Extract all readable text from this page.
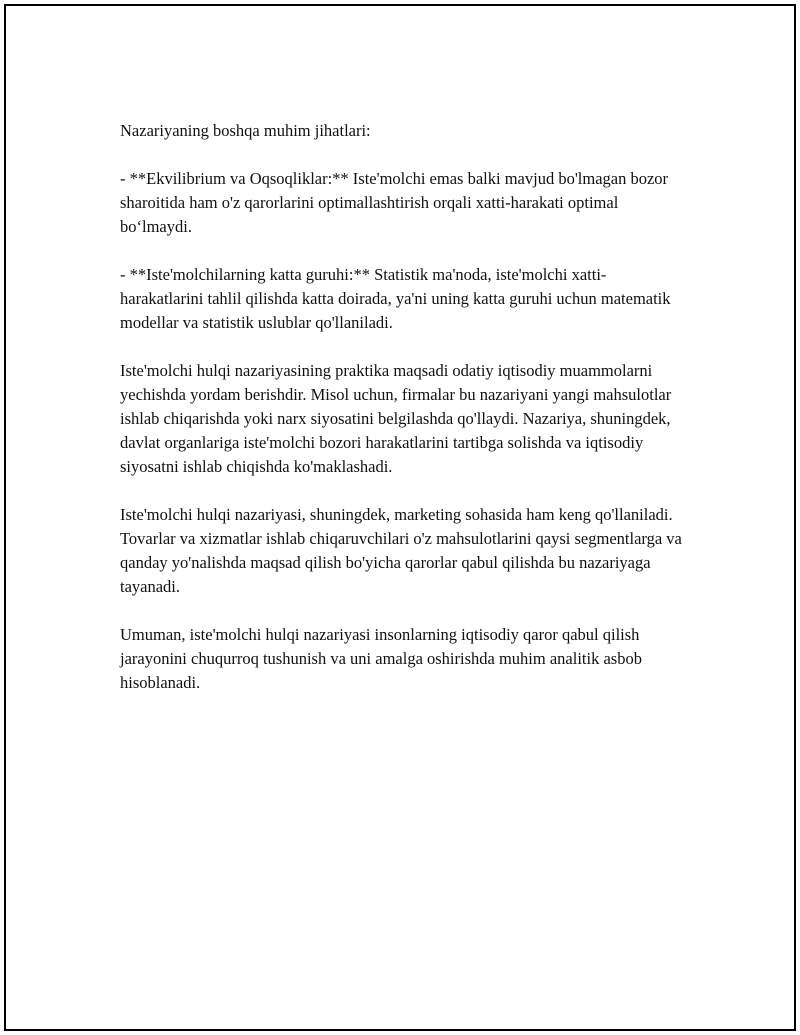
Nazariyaning boshqa muhim jihatlari:

- **Ekvilibrium va Oqsoqliklar:** Iste'molchi emas balki mavjud bo'lmagan bozor sharoitida ham o'z qarorlarini optimallashtirish orqali xatti-harakati optimal bo‘lmaydi.

- **Iste'molchilarning katta guruhi:** Statistik ma'noda, iste'molchi xatti-harakatlarini tahlil qilishda katta doirada, ya'ni uning katta guruhi uchun matematik modellar va statistik uslublar qo'llaniladi.

Iste'molchi hulqi nazariyasining praktika maqsadi odatiy iqtisodiy muammolarni yechishda yordam berishdir. Misol uchun, firmalar bu nazariyani yangi mahsulotlar ishlab chiqarishda yoki narx siyosatini belgilashda qo'llaydi. Nazariya, shuningdek, davlat organlariga iste'molchi bozori harakatlarini tartibga solishda va iqtisodiy siyosatni ishlab chiqishda ko'maklashadi.

Iste'molchi hulqi nazariyasi, shuningdek, marketing sohasida ham keng qo'llaniladi. Tovarlar va xizmatlar ishlab chiqaruvchilari o'z mahsulotlarini qaysi segmentlarga va qanday yo'nalishda maqsad qilish bo'yicha qarorlar qabul qilishda bu nazariyaga tayanadi.

Umuman, iste'molchi hulqi nazariyasi insonlarning iqtisodiy qaror qabul qilish jarayonini chuqurroq tushunish va uni amalga oshirishda muhim analitik asbob hisoblanadi.
